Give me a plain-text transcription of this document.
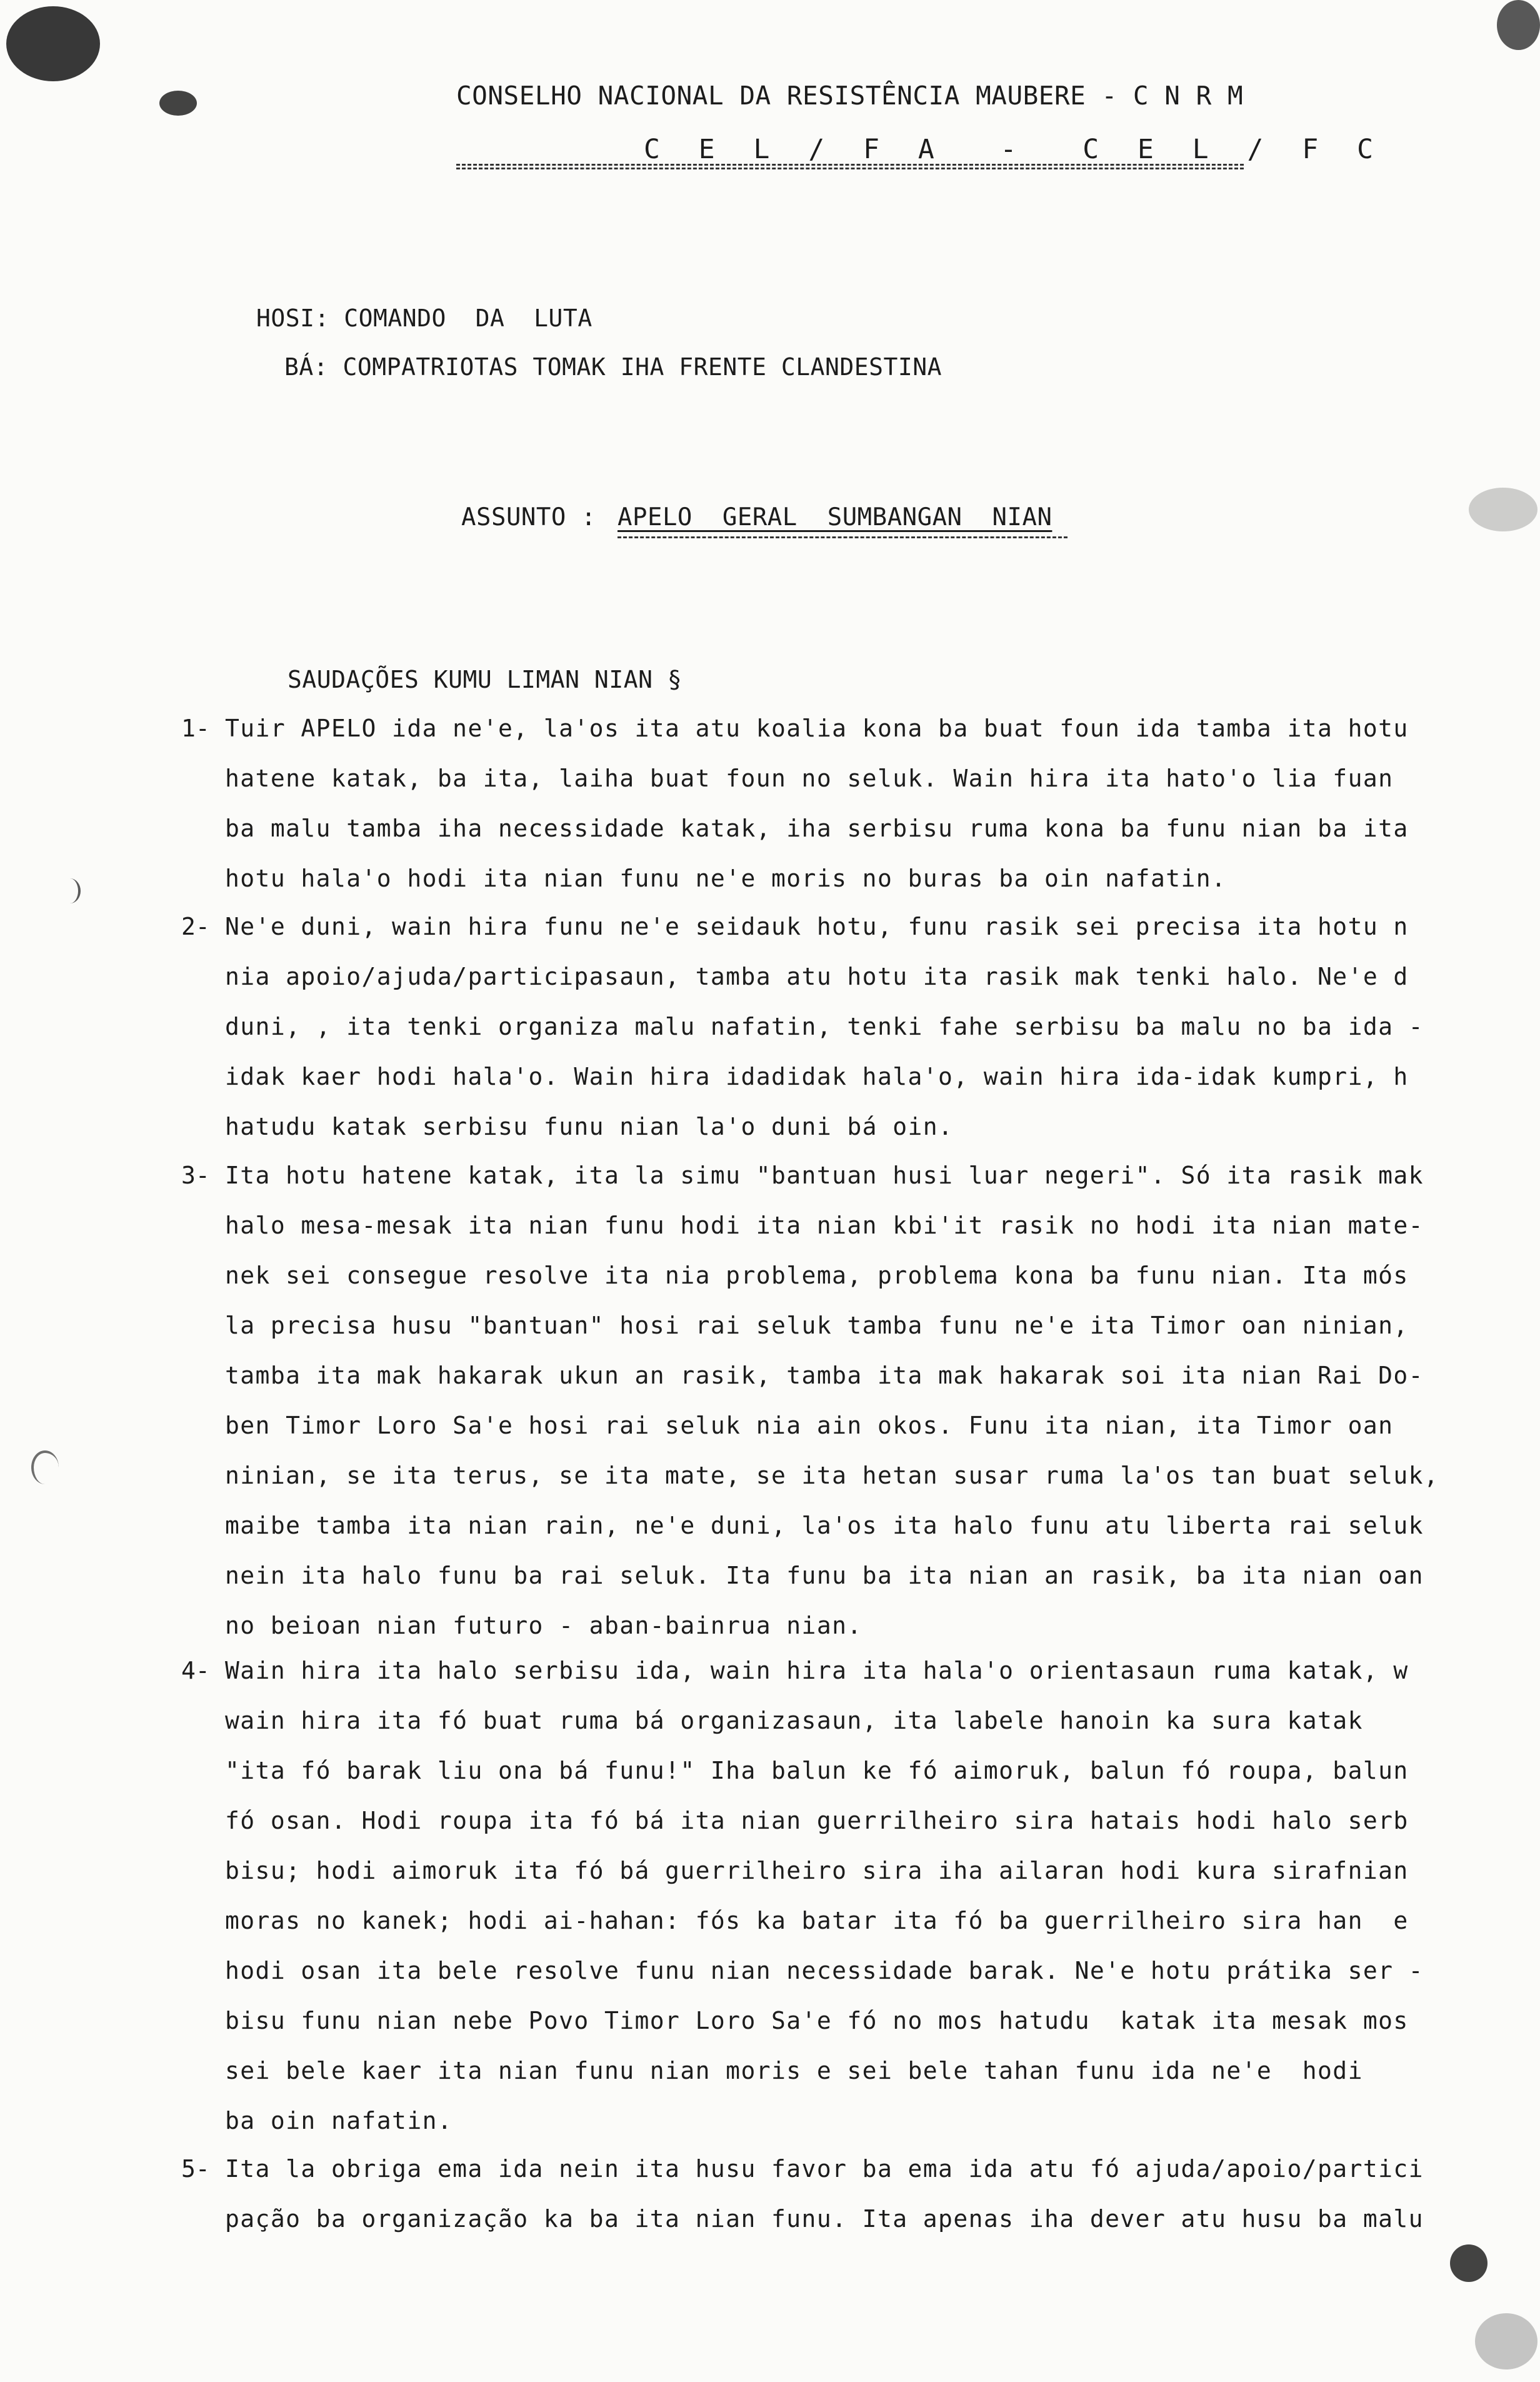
CONSELHO NACIONAL DA RESISTÊNCIA MAUBERE - C N R M
C E L / F A  -  C E L / F C
HOSI: COMANDO  DA  LUTA
BÁ: COMPATRIOTAS TOMAK IHA FRENTE CLANDESTINA
ASSUNTO : APELO  GERAL  SUMBANGAN  NIAN
SAUDAÇÕES KUMU LIMAN NIAN §
1- Tuir APELO ida ne'e, la'os ita atu koalia kona ba buat foun ida tamba ita hotu
hatene katak, ba ita, laiha buat foun no seluk. Wain hira ita hato'o lia fuan
ba malu tamba iha necessidade katak, iha serbisu ruma kona ba funu nian ba ita
hotu hala'o hodi ita nian funu ne'e moris no buras ba oin nafatin.
2- Ne'e duni, wain hira funu ne'e seidauk hotu, funu rasik sei precisa ita hotu n
nia apoio/ajuda/participasaun, tamba atu hotu ita rasik mak tenki halo. Ne'e d
duni, , ita tenki organiza malu nafatin, tenki fahe serbisu ba malu no ba ida -
idak kaer hodi hala'o. Wain hira idadidak hala'o, wain hira ida-idak kumpri, h
hatudu katak serbisu funu nian la'o duni bá oin.
3- Ita hotu hatene katak, ita la simu "bantuan husi luar negeri". Só ita rasik mak
halo mesa-mesak ita nian funu hodi ita nian kbi'it rasik no hodi ita nian mate-
nek sei consegue resolve ita nia problema, problema kona ba funu nian. Ita mós
la precisa husu "bantuan" hosi rai seluk tamba funu ne'e ita Timor oan ninian,
tamba ita mak hakarak ukun an rasik, tamba ita mak hakarak soi ita nian Rai Do-
ben Timor Loro Sa'e hosi rai seluk nia ain okos. Funu ita nian, ita Timor oan
ninian, se ita terus, se ita mate, se ita hetan susar ruma la'os tan buat seluk,
maibe tamba ita nian rain, ne'e duni, la'os ita halo funu atu liberta rai seluk
nein ita halo funu ba rai seluk. Ita funu ba ita nian an rasik, ba ita nian oan
no beioan nian futuro - aban-bainrua nian.
4- Wain hira ita halo serbisu ida, wain hira ita hala'o orientasaun ruma katak, w
wain hira ita fó buat ruma bá organizasaun, ita labele hanoin ka sura katak
"ita fó barak liu ona bá funu!" Iha balun ke fó aimoruk, balun fó roupa, balun
fó osan. Hodi roupa ita fó bá ita nian guerrilheiro sira hatais hodi halo serb
bisu; hodi aimoruk ita fó bá guerrilheiro sira iha ailaran hodi kura sirafnian
moras no kanek; hodi ai-hahan: fós ka batar ita fó ba guerrilheiro sira han  e
hodi osan ita bele resolve funu nian necessidade barak. Ne'e hotu prátika ser -
bisu funu nian nebe Povo Timor Loro Sa'e fó no mos hatudu  katak ita mesak mos
sei bele kaer ita nian funu nian moris e sei bele tahan funu ida ne'e  hodi
ba oin nafatin.
5- Ita la obriga ema ida nein ita husu favor ba ema ida atu fó ajuda/apoio/partici
pação ba organização ka ba ita nian funu. Ita apenas iha dever atu husu ba malu
